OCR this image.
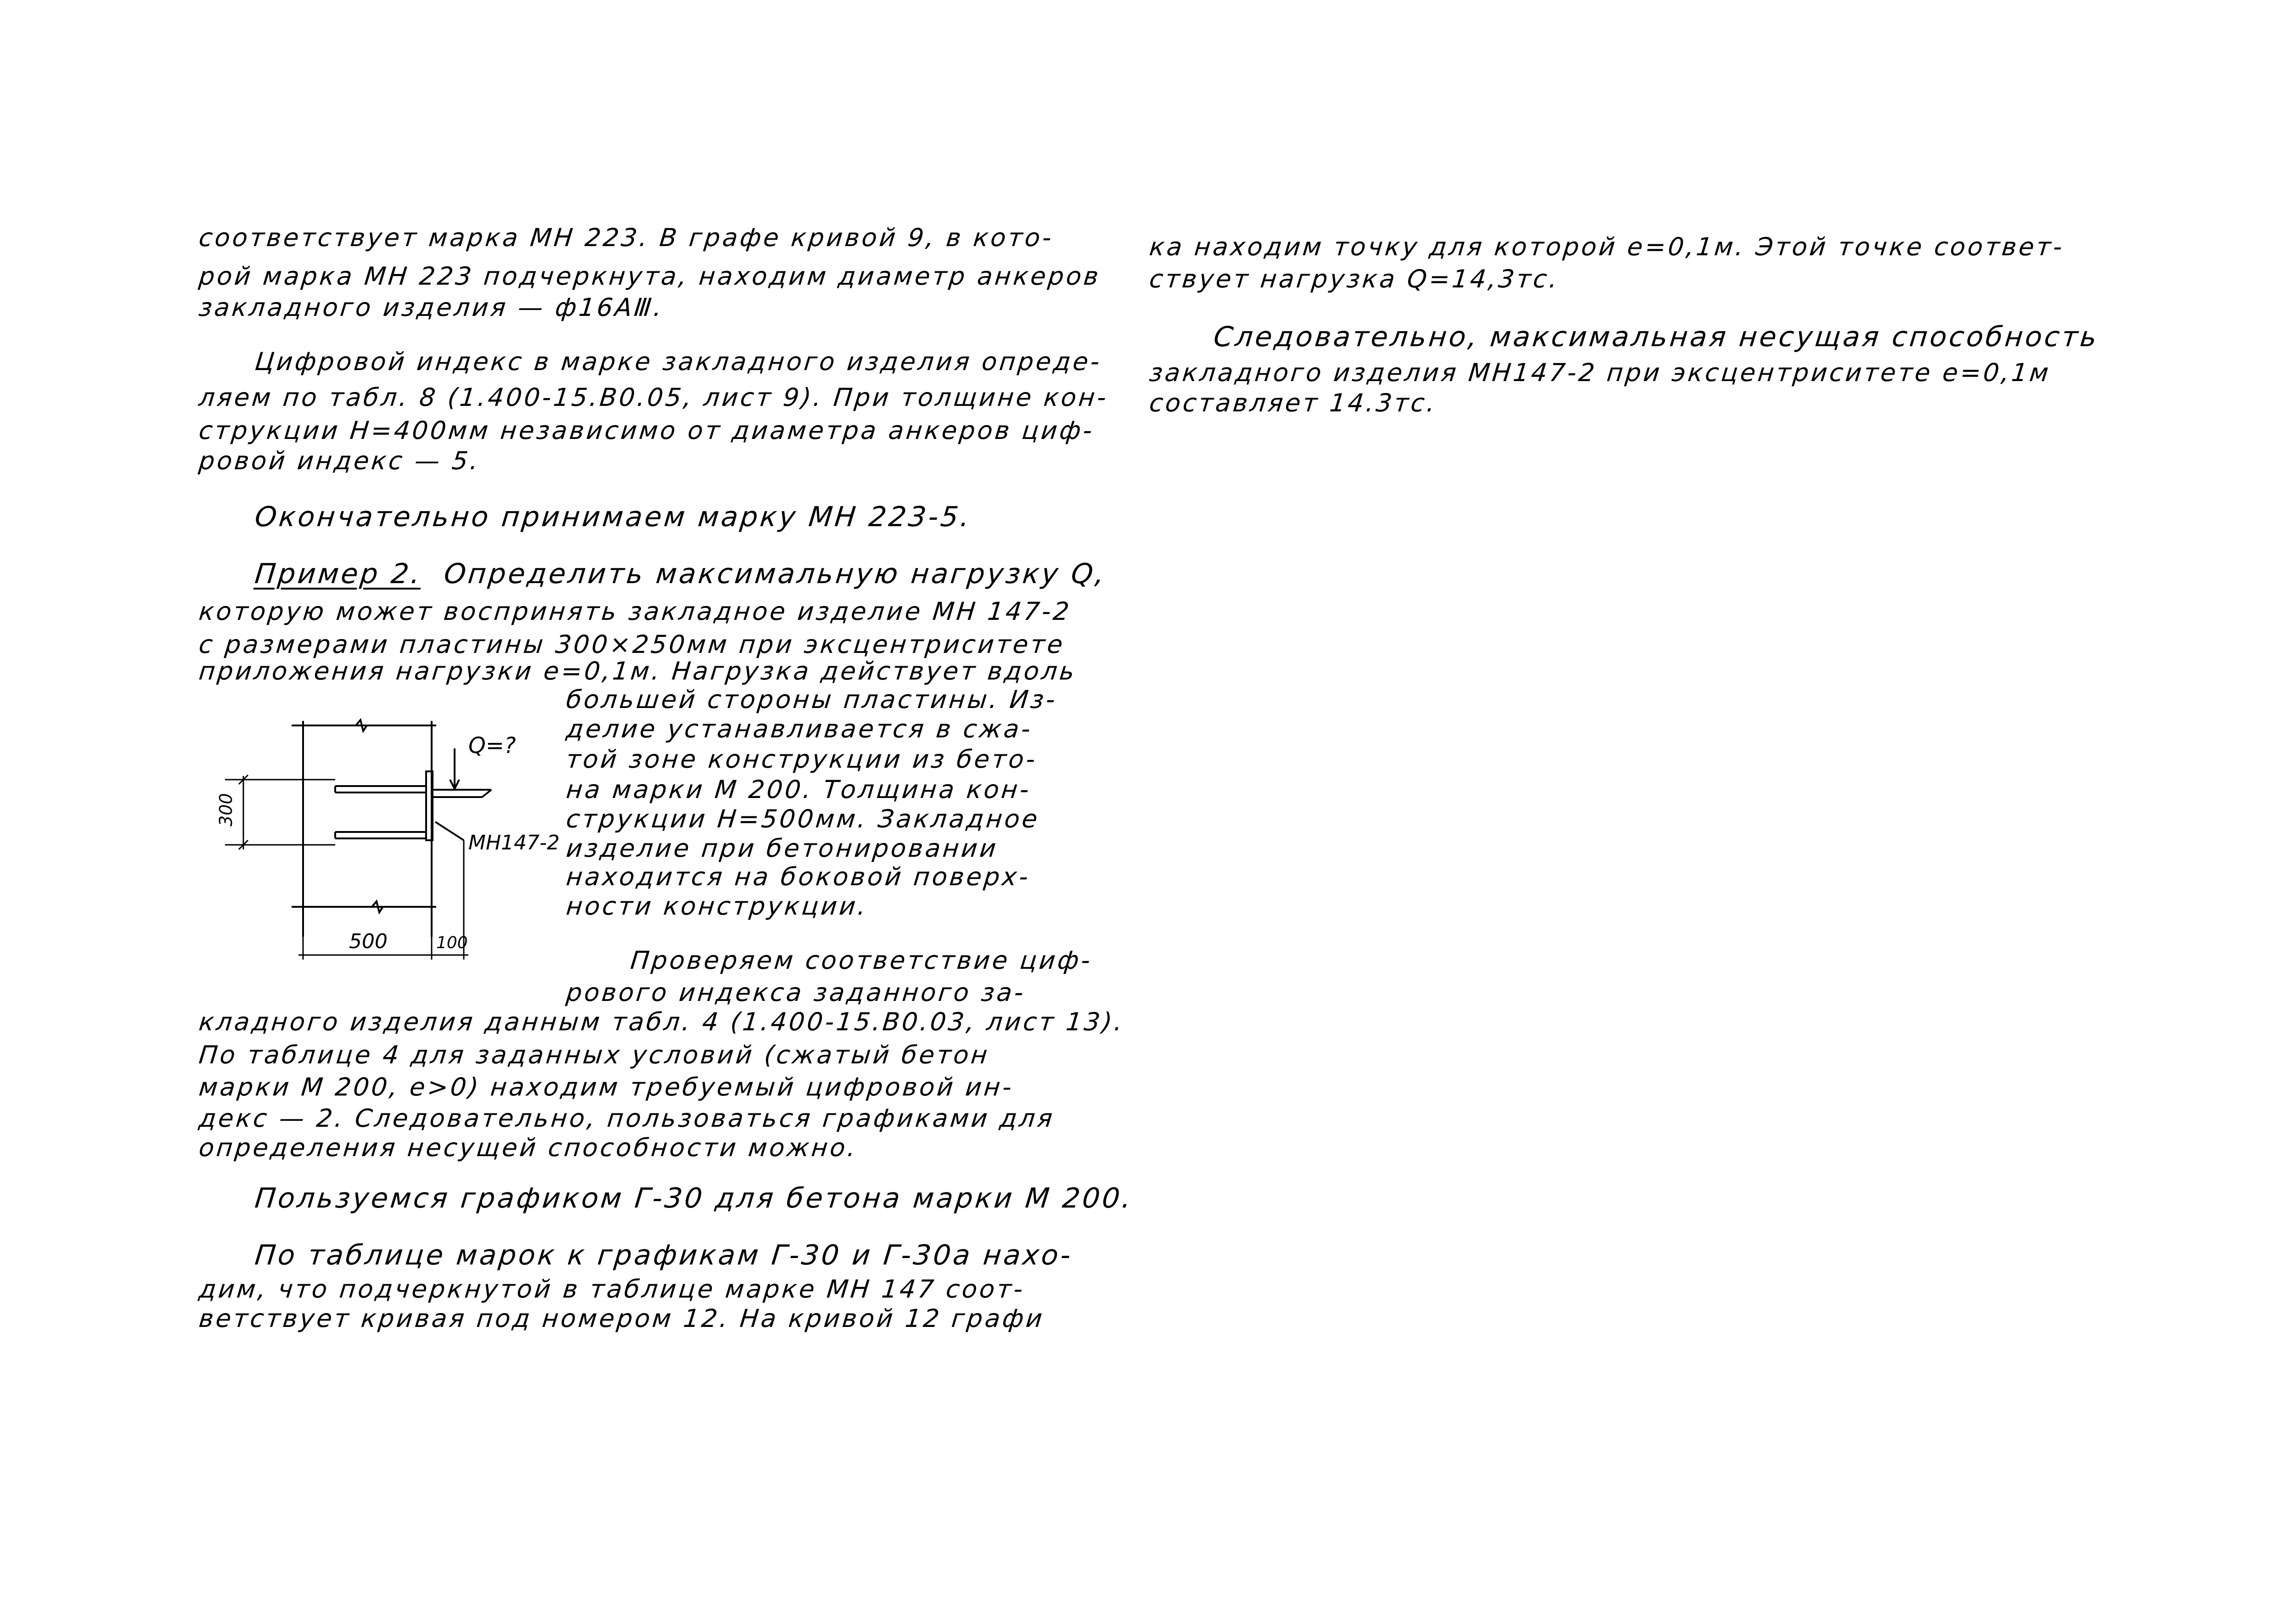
соответствует марка МН 223. В графе кривой 9, в кото-
рой марка МН 223 подчеркнута, находим диаметр анкеров
закладного изделия — ф16АⅢ.
Цифровой индекс в марке закладного изделия опреде-
ляем по табл. 8 (1.400-15.В0.05, лист 9). При толщине кон-
струкции H=400мм независимо от диаметра анкеров циф-
ровой индекс — 5.
Окончательно принимаем марку МН 223-5.
Пример 2. Определить максимальную нагрузку Q,
которую может воспринять закладное изделие МН 147-2
с размерами пластины 300×250мм при эксцентриситете
приложения нагрузки е=0,1м. Нагрузка действует вдоль
большей стороны пластины. Из-
делие устанавливается в сжа-
той зоне конструкции из бето-
на марки М 200. Толщина кон-
струкции H=500мм. Закладное
изделие при бетонировании
находится на боковой поверх-
ности конструкции.
Проверяем соответствие циф-
рового индекса заданного за-
кладного изделия данным табл. 4 (1.400-15.В0.03, лист 13).
По таблице 4 для заданных условий (сжатый бетон
марки М 200, е>0) находим требуемый цифровой ин-
декс — 2. Следовательно, пользоваться графиками для
определения несущей способности можно.
Пользуемся графиком Г-30 для бетона марки М 200.
По таблице марок к графикам Г-30 и Г-30а нахо-
дим, что подчеркнутой в таблице марке МН 147 соот-
ветствует кривая под номером 12. На кривой 12 графи
ка находим точку для которой е=0,1м. Этой точке соответ-
ствует нагрузка Q=14,3тс.
Следовательно, максимальная несущая способность
закладного изделия МН147-2 при эксцентриситете е=0,1м
составляет 14.3тс.
Q=?
МН147-2
300
500	100
